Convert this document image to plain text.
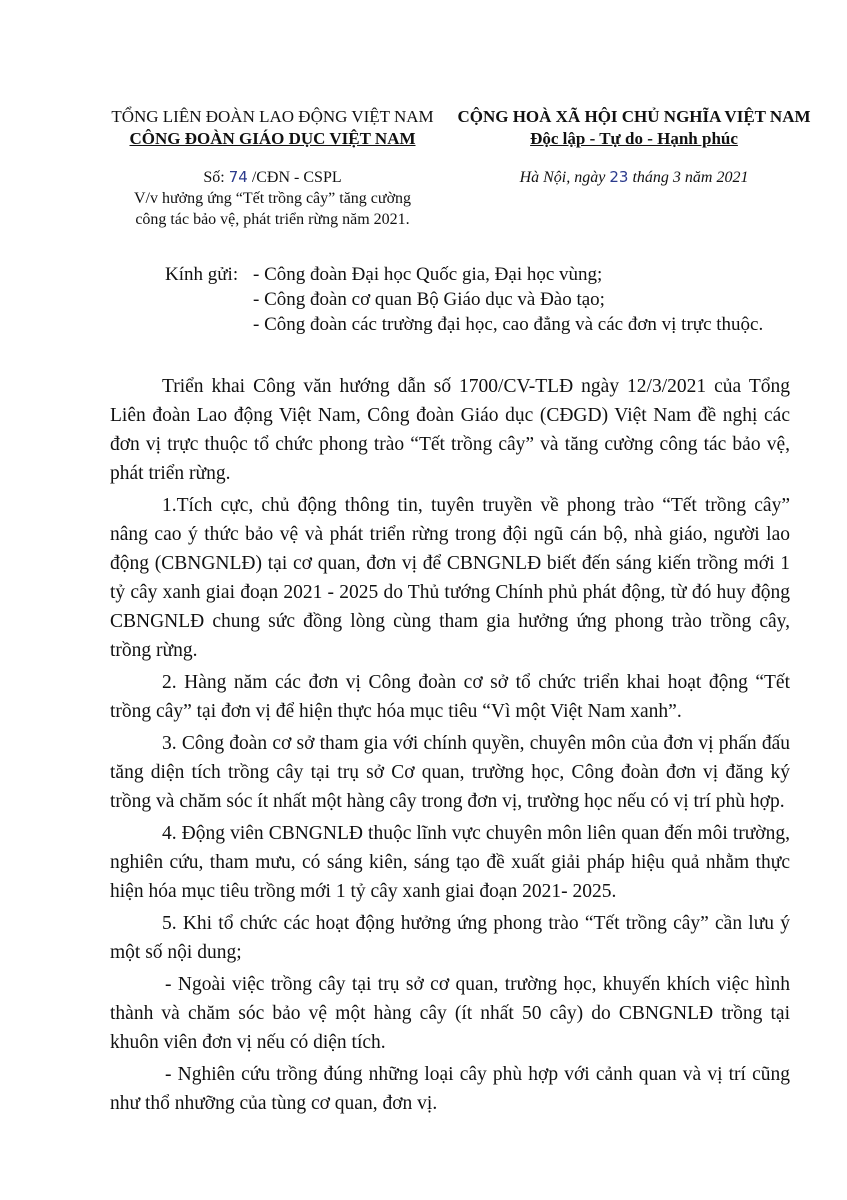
TỔNG LIÊN ĐOÀN LAO ĐỘNG VIỆT NAM
CÔNG ĐOÀN GIÁO DỤC VIỆT NAM
CỘNG HOÀ XÃ HỘI CHỦ NGHĨA VIỆT NAM
Độc lập - Tự do - Hạnh phúc
Số: 74 /CĐN - CSPL
V/v hưởng ứng “Tết trồng cây” tăng cường
công tác bảo vệ, phát triển rừng năm 2021.
Hà Nội, ngày 23 tháng 3 năm 2021
Kính gửi: - Công đoàn Đại học Quốc gia, Đại học vùng;
- Công đoàn cơ quan Bộ Giáo dục và Đào tạo;
- Công đoàn các trường đại học, cao đẳng và các đơn vị trực thuộc.

Triển khai Công văn hướng dẫn số 1700/CV-TLĐ ngày 12/3/2021 của Tổng Liên đoàn Lao động Việt Nam, Công đoàn Giáo dục (CĐGD) Việt Nam đề nghị các đơn vị trực thuộc tổ chức phong trào “Tết trồng cây” và tăng cường công tác bảo vệ, phát triển rừng.

1.Tích cực, chủ động thông tin, tuyên truyền về phong trào “Tết trồng cây” nâng cao ý thức bảo vệ và phát triển rừng trong đội ngũ cán bộ, nhà giáo, người lao động (CBNGNLĐ) tại cơ quan, đơn vị để CBNGNLĐ biết đến sáng kiến trồng mới 1 tỷ cây xanh giai đoạn 2021 - 2025 do Thủ tướng Chính phủ phát động, từ đó huy động CBNGNLĐ chung sức đồng lòng cùng tham gia hưởng ứng phong trào trồng cây, trồng rừng.

2. Hàng năm các đơn vị Công đoàn cơ sở tổ chức triển khai hoạt động “Tết trồng cây” tại đơn vị để hiện thực hóa mục tiêu “Vì một Việt Nam xanh”.

3. Công đoàn cơ sở tham gia với chính quyền, chuyên môn của đơn vị phấn đấu tăng diện tích trồng cây tại trụ sở Cơ quan, trường học, Công đoàn đơn vị đăng ký trồng và chăm sóc ít nhất một hàng cây trong đơn vị, trường học nếu có vị trí phù hợp.

4. Động viên CBNGNLĐ thuộc lĩnh vực chuyên môn liên quan đến môi trường, nghiên cứu, tham mưu, có sáng kiên, sáng tạo đề xuất giải pháp hiệu quả nhằm thực hiện hóa mục tiêu trồng mới 1 tỷ cây xanh giai đoạn 2021- 2025.

5. Khi tổ chức các hoạt động hưởng ứng phong trào “Tết trồng cây” cần lưu ý một số nội dung;

- Ngoài việc trồng cây tại trụ sở cơ quan, trường học, khuyến khích việc hình thành và chăm sóc bảo vệ một hàng cây (ít nhất 50 cây) do CBNGNLĐ trồng tại khuôn viên đơn vị nếu có diện tích.

- Nghiên cứu trồng đúng những loại cây phù hợp với cảnh quan và vị trí cũng như thổ nhưỡng của tùng cơ quan, đơn vị.
